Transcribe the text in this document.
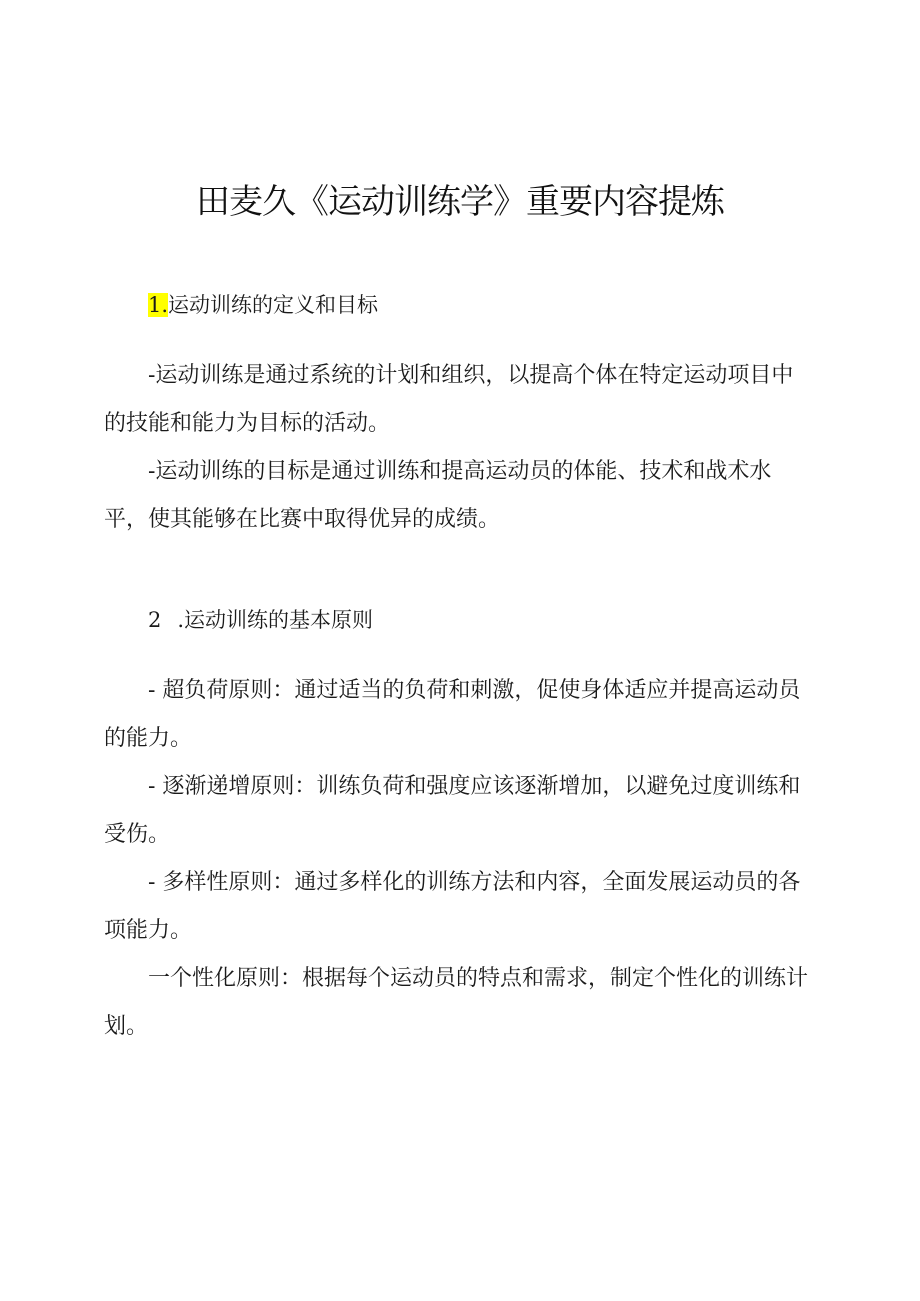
田麦久《运动训练学》重要内容提炼
1.运动训练的定义和目标

-运动训练是通过系统的计划和组织，以提高个体在特定运动项目中的技能和能力为目标的活动。

-运动训练的目标是通过训练和提高运动员的体能、技术和战术水平，使其能够在比赛中取得优异的成绩。

2 .运动训练的基本原则

- 超负荷原则：通过适当的负荷和刺激，促使身体适应并提高运动员的能力。

- 逐渐递增原则：训练负荷和强度应该逐渐增加，以避免过度训练和受伤。

- 多样性原则：通过多样化的训练方法和内容，全面发展运动员的各项能力。

一个性化原则：根据每个运动员的特点和需求，制定个性化的训练计划。
